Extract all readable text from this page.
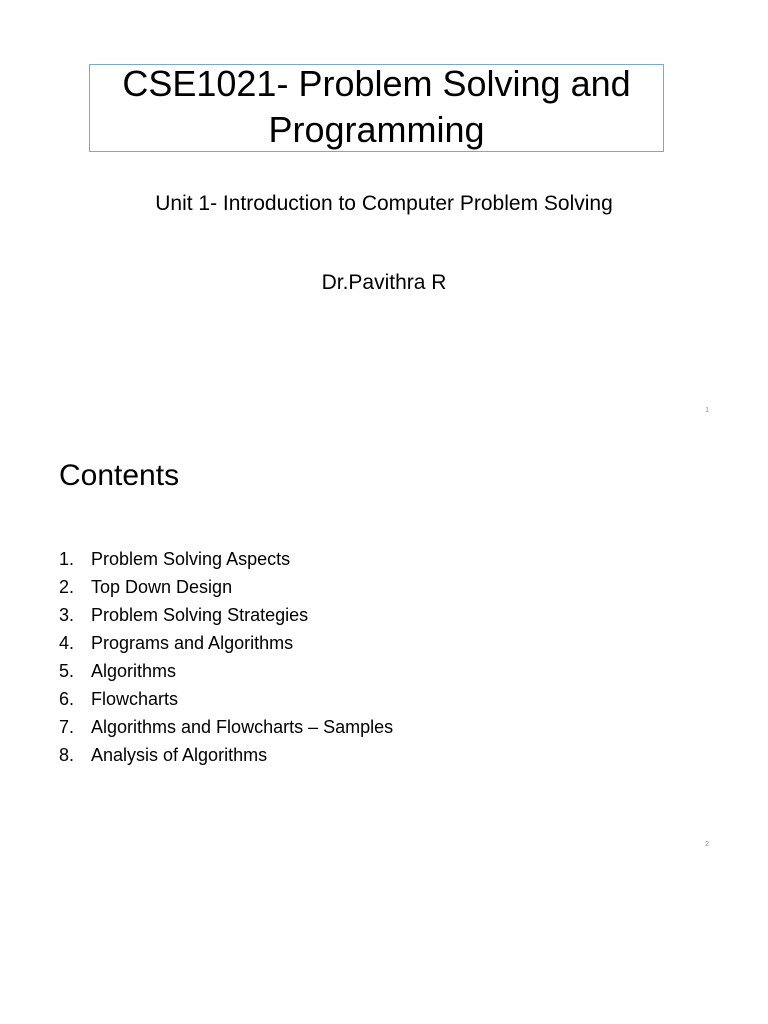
CSE1021- Problem Solving and
Programming
Unit 1- Introduction to Computer Problem Solving
Dr.Pavithra R
1
Contents
1. Problem Solving Aspects
2. Top Down Design
3. Problem Solving Strategies
4. Programs and Algorithms
5. Algorithms
6. Flowcharts
7. Algorithms and Flowcharts – Samples
8. Analysis of Algorithms
2
